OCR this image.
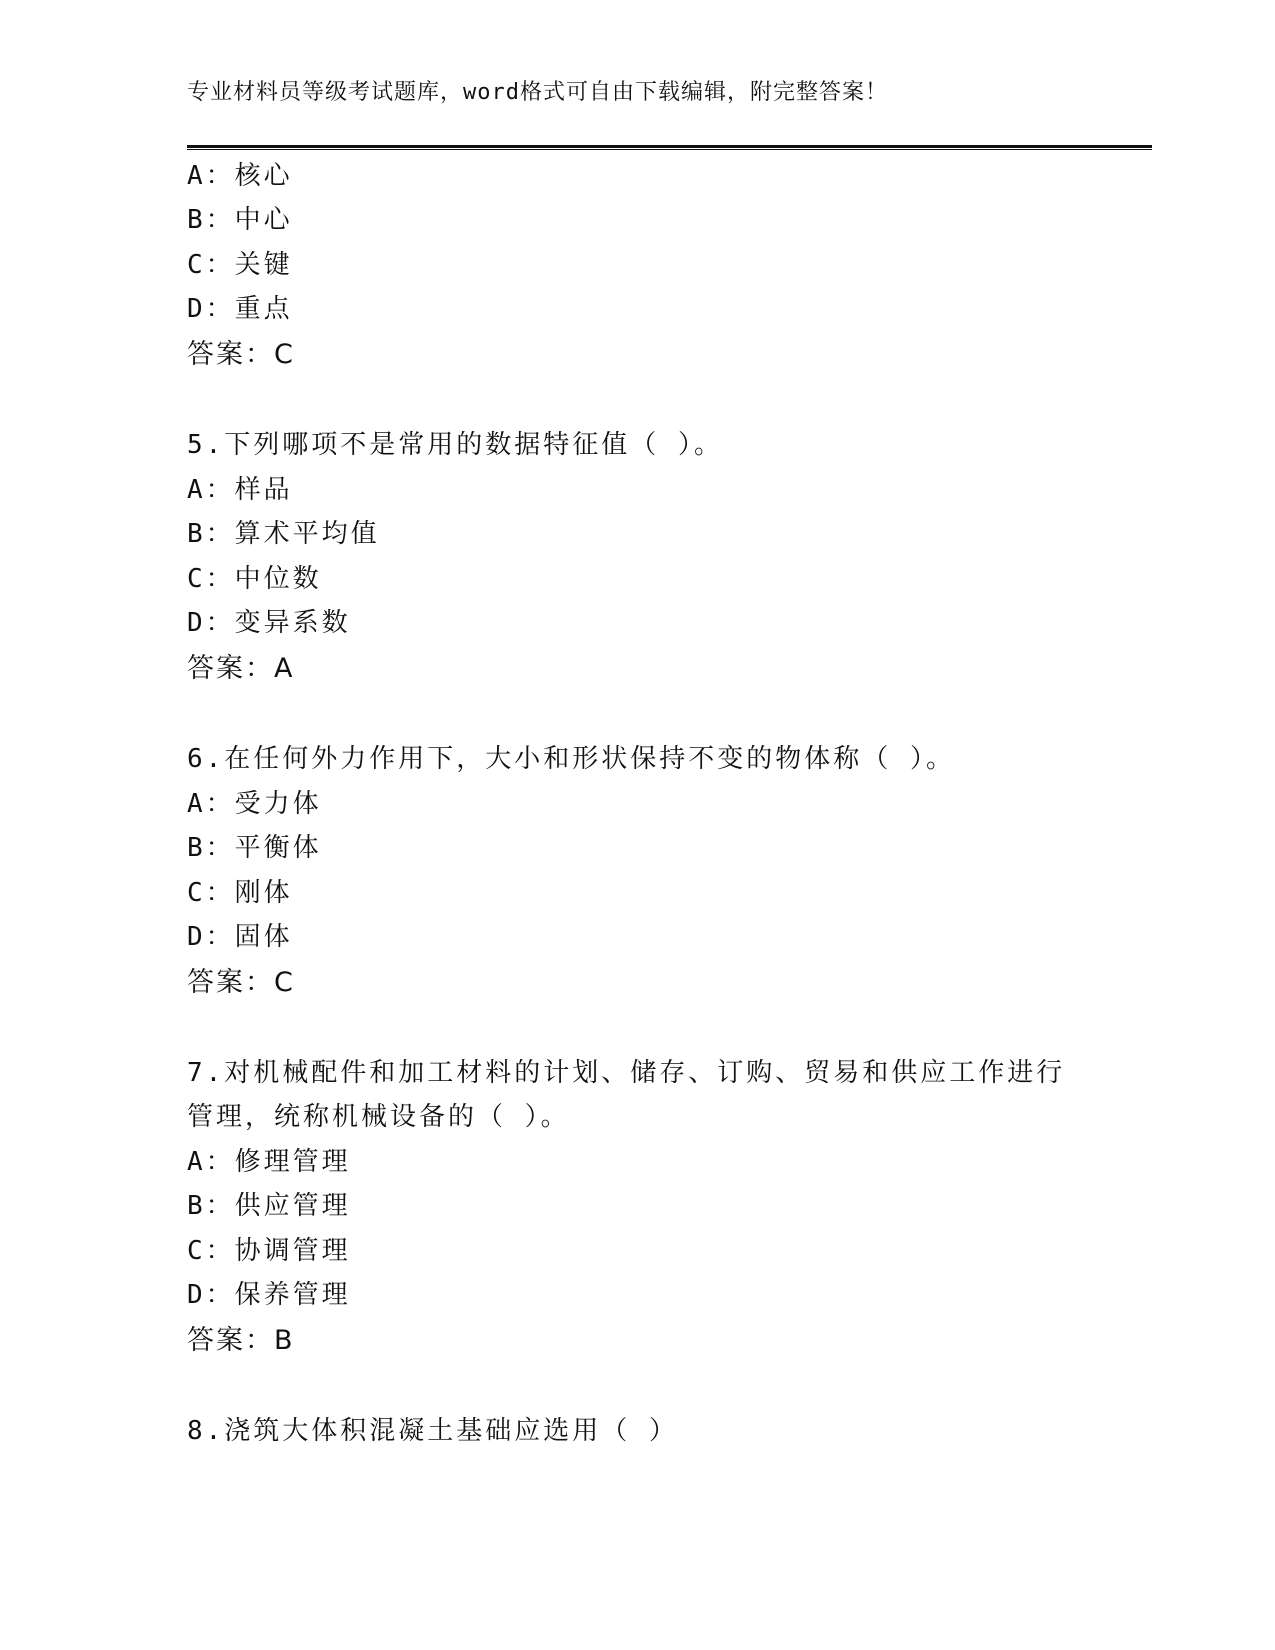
专业材料员等级考试题库，word格式可自由下载编辑，附完整答案！
A：核心
B：中心
C：关键
D：重点
答案：C
5.下列哪项不是常用的数据特征值（ ）。
A：样品
B：算术平均值
C：中位数
D：变异系数
答案：A
6.在任何外力作用下，大小和形状保持不变的物体称（ ）。
A：受力体
B：平衡体
C：刚体
D：固体
答案：C
7.对机械配件和加工材料的计划、储存、订购、贸易和供应工作进行
管理，统称机械设备的（ ）。
A：修理管理
B：供应管理
C：协调管理
D：保养管理
答案：B
8.浇筑大体积混凝土基础应选用（ ）
